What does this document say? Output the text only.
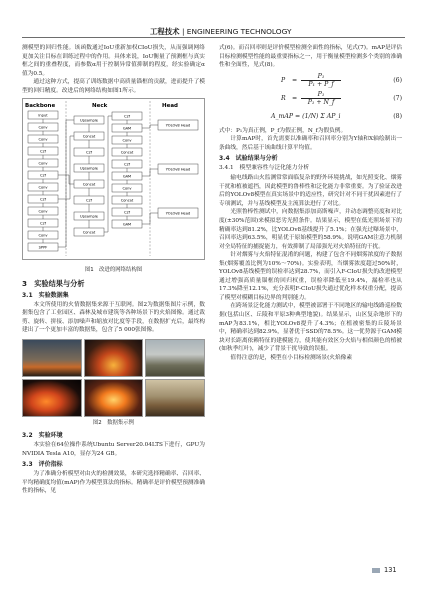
工程技术 | ENGINEERING TECHNOLOGY

测模型的回归性能。该函数通过IoU重新加权CIoU损失，从而强调网络更加关注目标在训练过程中的作用。具体来说，IoU衡量了预测框与真实框之间的重叠程度，而参数α用于控制异常值抑制的程度，经实验确定α值为0.5。

通过这种方式，提高了训练数据中高质量锚框的贡献，进而提升了模型的回归精度。改进后的网络结构如图1所示。

Backbone	Neck	Head
Input
Conv
Conv
C2f
Conv
C2f
Conv
C2f
Conv
C2f
Conv
SPPF
Upsample
Concat
C2f
Upsample
Concat
C2f
Upsample
Concat
C2f
GAM
Conv
Concat
C2f
GAM
Conv
Concat
C2f
GAM
YOLOv8 Head
YOLOv8 Head
YOLOv8 Head

图1　改进的网络结构图

3　实验结果与分析

3.1　实验数据集

本文所使用的火情数据集来源于互联网。图2为数据集图片示例，数据集包含了工业园区、森林及城市建筑等各种场景下的火焰图像。通过裁剪、旋转、拼接、添加噪声和缩放对比度等手段，在数据扩充后，最终构建出了一个更加丰富的数据集，包含了5 000张图像。

图2　数据集示例

3.2　实验环境

本实验在64位操作系统Ubuntu Server20.04LTS下进行，GPU为NVIDIA Tesla A10，显存为24 GB。

3.3　评价指标

为了准确分析模型对由火的检测效果，本研究选择精确率、召回率、平均精确度均值(mAP)作为模型算法的指标。精确率是评价模型预测准确性的指标，见

式(6)。而召回率则是评价模型检测全面性的指标，见式(7)。mAP是评估目标检测模型性能的最重要指标之一，用于衡量模型检测多个类别的准确性和全面性，见式(8)。

$P = \frac{\text{P₁}}{\text{P₁ + P\_f}}$	(6)
$R = \frac{\text{P₁}}{\text{P₁ + N\_f}}$	(7)
A_mAP = (1/N) Σ AP_i	(8)

式中：P₁为真正例，P_f为假正例，N_f为假负例。

计算mAP时，首先需要以准确率和召回率分别为Y轴和X轴绘制出一条曲线，然后基于该曲线计算平均值。

3.4　试验结果与分析

3.4.1　模型兼容性与泛化能力分析

输电线路山火监测常常面临复杂的野外环境挑战，如光照变化、烟雾干扰和植被遮挡，因此模型的鲁棒性和泛化能力非常重要。为了验证改进后的YOLOv8模型在真实场景中的适应性，研究针对不同干扰因素进行了专项测试，并与基线模型及主流算法进行了对比。

光照鲁棒性测试中，向数据集添加高斯噪声，并动态调整亮度和对比度(±30%范围)来模拟恶劣光照条件。结果显示，模型在低光照场景下的精确率达到81.2%，比YOLOv8基线提升了5.1%；在强光过曝场景中，召回率达到63.5%，明显优于原始模型的58.9%。说明GAM注意力机制对全局特征的捕捉能力，有效抑制了局部强光对火焰特征的干扰。

针对烟雾与火焰特征混淆的问题，构建了包含不同烟雾浓度的子数据集(烟雾覆盖比例为10%～70%)。实验表明，当烟雾浓度超过50%时，YOLOv8基线模型的误检率达到28.7%，而引入F-CIoU损失的改进模型通过增强高质量锚框的回归权重，误检率降低至19.4%，漏检率也从17.3%降至12.1%，充分表明F-CIoU损失通过优化样本权重分配，提高了模型对模糊目标边界的判别能力。

在跨场景泛化能力测试中，模型被部署于不同地区的输电线路巡检数据(包括山区、丘陵和平原3种典型地貌)。结果显示，山区复杂地形下的mAP为83.1%，相比YOLOv8提升了4.3%；在植被密集的丘陵场景中，精确率达到82.9%，显著优于SSD的78.5%。这一优势源于GAM模块对长距离依赖特征的建模能力，使其能有效区分火焰与相似颜色的植被(如秋季红叶)，减少了背景干扰导致的误报。

值得注意的是，模型在小目标检测场景(火焰像素

131
